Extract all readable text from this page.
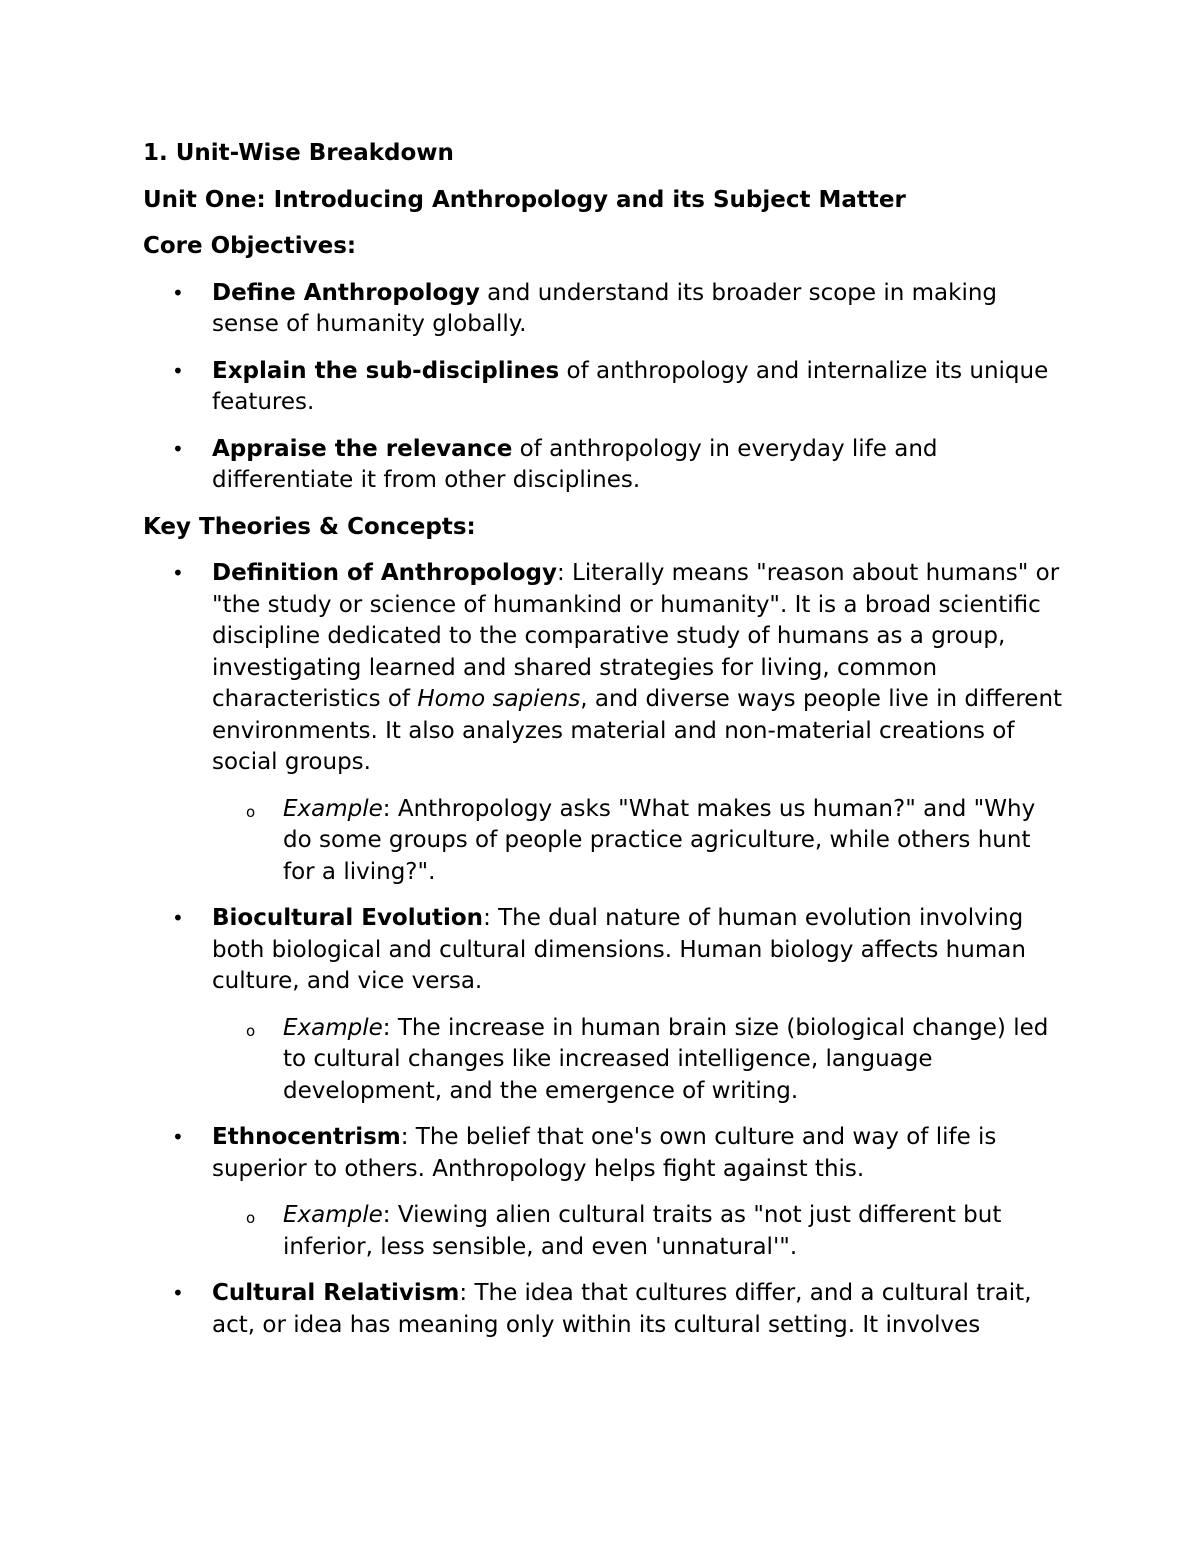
1. Unit-Wise Breakdown
Unit One: Introducing Anthropology and its Subject Matter
Core Objectives:
• Define Anthropology and understand its broader scope in making sense of humanity globally.
• Explain the sub-disciplines of anthropology and internalize its unique features.
• Appraise the relevance of anthropology in everyday life and differentiate it from other disciplines.
Key Theories & Concepts:
• Definition of Anthropology: Literally means "reason about humans" or "the study or science of humankind or humanity". It is a broad scientific discipline dedicated to the comparative study of humans as a group, investigating learned and shared strategies for living, common characteristics of Homo sapiens, and diverse ways people live in different environments. It also analyzes material and non-material creations of social groups.
o Example: Anthropology asks "What makes us human?" and "Why do some groups of people practice agriculture, while others hunt for a living?".
• Biocultural Evolution: The dual nature of human evolution involving both biological and cultural dimensions. Human biology affects human culture, and vice versa.
o Example: The increase in human brain size (biological change) led to cultural changes like increased intelligence, language development, and the emergence of writing.
• Ethnocentrism: The belief that one's own culture and way of life is superior to others. Anthropology helps fight against this.
o Example: Viewing alien cultural traits as "not just different but inferior, less sensible, and even 'unnatural'".
• Cultural Relativism: The idea that cultures differ, and a cultural trait, act, or idea has meaning only within its cultural setting. It involves
